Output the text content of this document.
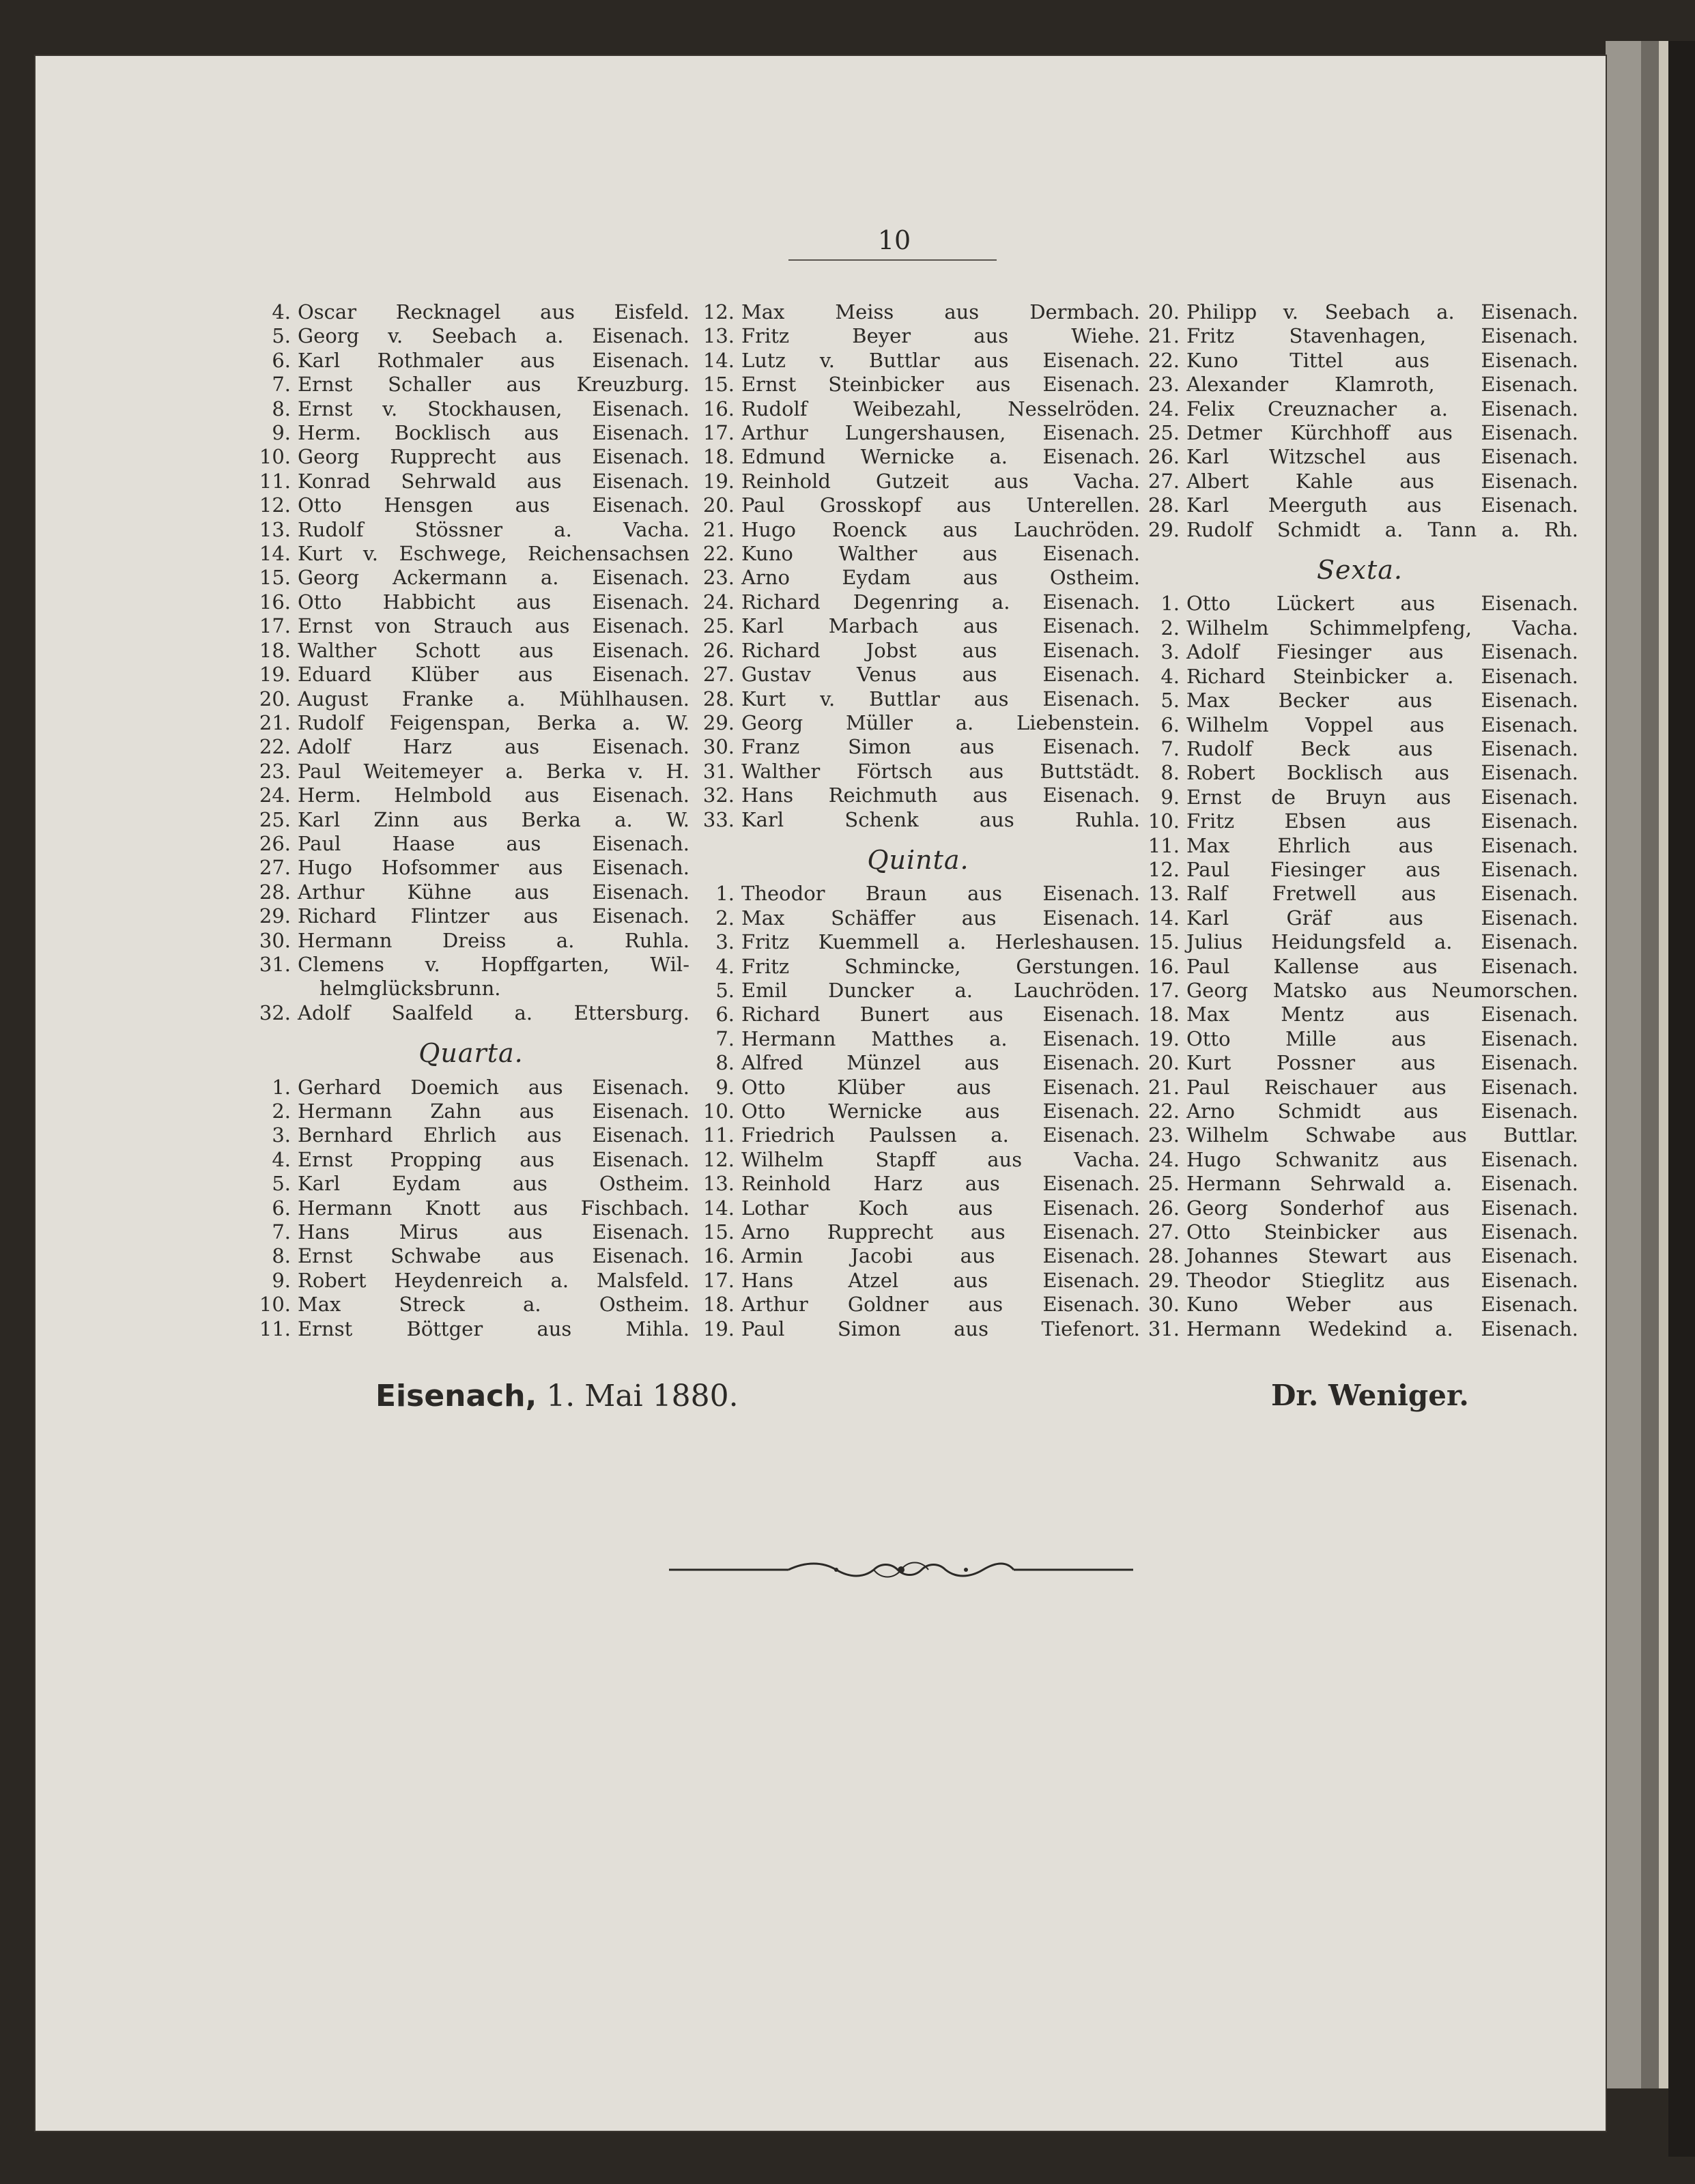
10
4. Oscar Recknagel aus Eisfeld.
5. Georg v. Seebach a. Eisenach.
6. Karl Rothmaler aus Eisenach.
7. Ernst Schaller aus Kreuzburg.
8. Ernst v. Stockhausen, Eisenach.
9. Herm. Bocklisch aus Eisenach.
10. Georg Rupprecht aus Eisenach.
11. Konrad Sehrwald aus Eisenach.
12. Otto Hensgen aus Eisenach.
13. Rudolf Stössner a. Vacha.
14. Kurt v. Eschwege, Reichensachsen
15. Georg Ackermann a. Eisenach.
16. Otto Habbicht aus Eisenach.
17. Ernst von Strauch aus Eisenach.
18. Walther Schott aus Eisenach.
19. Eduard Klüber aus Eisenach.
20. August Franke a. Mühlhausen.
21. Rudolf Feigenspan, Berka a. W.
22. Adolf Harz aus Eisenach.
23. Paul Weitemeyer a. Berka v. H.
24. Herm. Helmbold aus Eisenach.
25. Karl Zinn aus Berka a. W.
26. Paul Haase aus Eisenach.
27. Hugo Hofsommer aus Eisenach.
28. Arthur Kühne aus Eisenach.
29. Richard Flintzer aus Eisenach.
30. Hermann Dreiss a. Ruhla.
31. Clemens v. Hopffgarten, Wil-
helmglücksbrunn.
32. Adolf Saalfeld a. Ettersburg.
Quarta.
1. Gerhard Doemich aus Eisenach.
2. Hermann Zahn aus Eisenach.
3. Bernhard Ehrlich aus Eisenach.
4. Ernst Propping aus Eisenach.
5. Karl Eydam aus Ostheim.
6. Hermann Knott aus Fischbach.
7. Hans Mirus aus Eisenach.
8. Ernst Schwabe aus Eisenach.
9. Robert Heydenreich a. Malsfeld.
10. Max Streck a. Ostheim.
11. Ernst Böttger aus Mihla.
12. Max Meiss aus Dermbach.
13. Fritz Beyer aus Wiehe.
14. Lutz v. Buttlar aus Eisenach.
15. Ernst Steinbicker aus Eisenach.
16. Rudolf Weibezahl, Nesselröden.
17. Arthur Lungershausen, Eisenach.
18. Edmund Wernicke a. Eisenach.
19. Reinhold Gutzeit aus Vacha.
20. Paul Grosskopf aus Unterellen.
21. Hugo Roenck aus Lauchröden.
22. Kuno Walther aus Eisenach.
23. Arno Eydam aus Ostheim.
24. Richard Degenring a. Eisenach.
25. Karl Marbach aus Eisenach.
26. Richard Jobst aus Eisenach.
27. Gustav Venus aus Eisenach.
28. Kurt v. Buttlar aus Eisenach.
29. Georg Müller a. Liebenstein.
30. Franz Simon aus Eisenach.
31. Walther Förtsch aus Buttstädt.
32. Hans Reichmuth aus Eisenach.
33. Karl Schenk aus Ruhla.
Quinta.
1. Theodor Braun aus Eisenach.
2. Max Schäffer aus Eisenach.
3. Fritz Kuemmell a. Herleshausen.
4. Fritz Schmincke, Gerstungen.
5. Emil Duncker a. Lauchröden.
6. Richard Bunert aus Eisenach.
7. Hermann Matthes a. Eisenach.
8. Alfred Münzel aus Eisenach.
9. Otto Klüber aus Eisenach.
10. Otto Wernicke aus Eisenach.
11. Friedrich Paulssen a. Eisenach.
12. Wilhelm Stapff aus Vacha.
13. Reinhold Harz aus Eisenach.
14. Lothar Koch aus Eisenach.
15. Arno Rupprecht aus Eisenach.
16. Armin Jacobi aus Eisenach.
17. Hans Atzel aus Eisenach.
18. Arthur Goldner aus Eisenach.
19. Paul Simon aus Tiefenort.
20. Philipp v. Seebach a. Eisenach.
21. Fritz Stavenhagen, Eisenach.
22. Kuno Tittel aus Eisenach.
23. Alexander Klamroth, Eisenach.
24. Felix Creuznacher a. Eisenach.
25. Detmer Kürchhoff aus Eisenach.
26. Karl Witzschel aus Eisenach.
27. Albert Kahle aus Eisenach.
28. Karl Meerguth aus Eisenach.
29. Rudolf Schmidt a. Tann a. Rh.
Sexta.
1. Otto Lückert aus Eisenach.
2. Wilhelm Schimmelpfeng, Vacha.
3. Adolf Fiesinger aus Eisenach.
4. Richard Steinbicker a. Eisenach.
5. Max Becker aus Eisenach.
6. Wilhelm Voppel aus Eisenach.
7. Rudolf Beck aus Eisenach.
8. Robert Bocklisch aus Eisenach.
9. Ernst de Bruyn aus Eisenach.
10. Fritz Ebsen aus Eisenach.
11. Max Ehrlich aus Eisenach.
12. Paul Fiesinger aus Eisenach.
13. Ralf Fretwell aus Eisenach.
14. Karl Gräf aus Eisenach.
15. Julius Heidungsfeld a. Eisenach.
16. Paul Kallense aus Eisenach.
17. Georg Matsko aus Neumorschen.
18. Max Mentz aus Eisenach.
19. Otto Mille aus Eisenach.
20. Kurt Possner aus Eisenach.
21. Paul Reischauer aus Eisenach.
22. Arno Schmidt aus Eisenach.
23. Wilhelm Schwabe aus Buttlar.
24. Hugo Schwanitz aus Eisenach.
25. Hermann Sehrwald a. Eisenach.
26. Georg Sonderhof aus Eisenach.
27. Otto Steinbicker aus Eisenach.
28. Johannes Stewart aus Eisenach.
29. Theodor Stieglitz aus Eisenach.
30. Kuno Weber aus Eisenach.
31. Hermann Wedekind a. Eisenach.
Eisenach, 1. Mai 1880.	Dr. Weniger.
